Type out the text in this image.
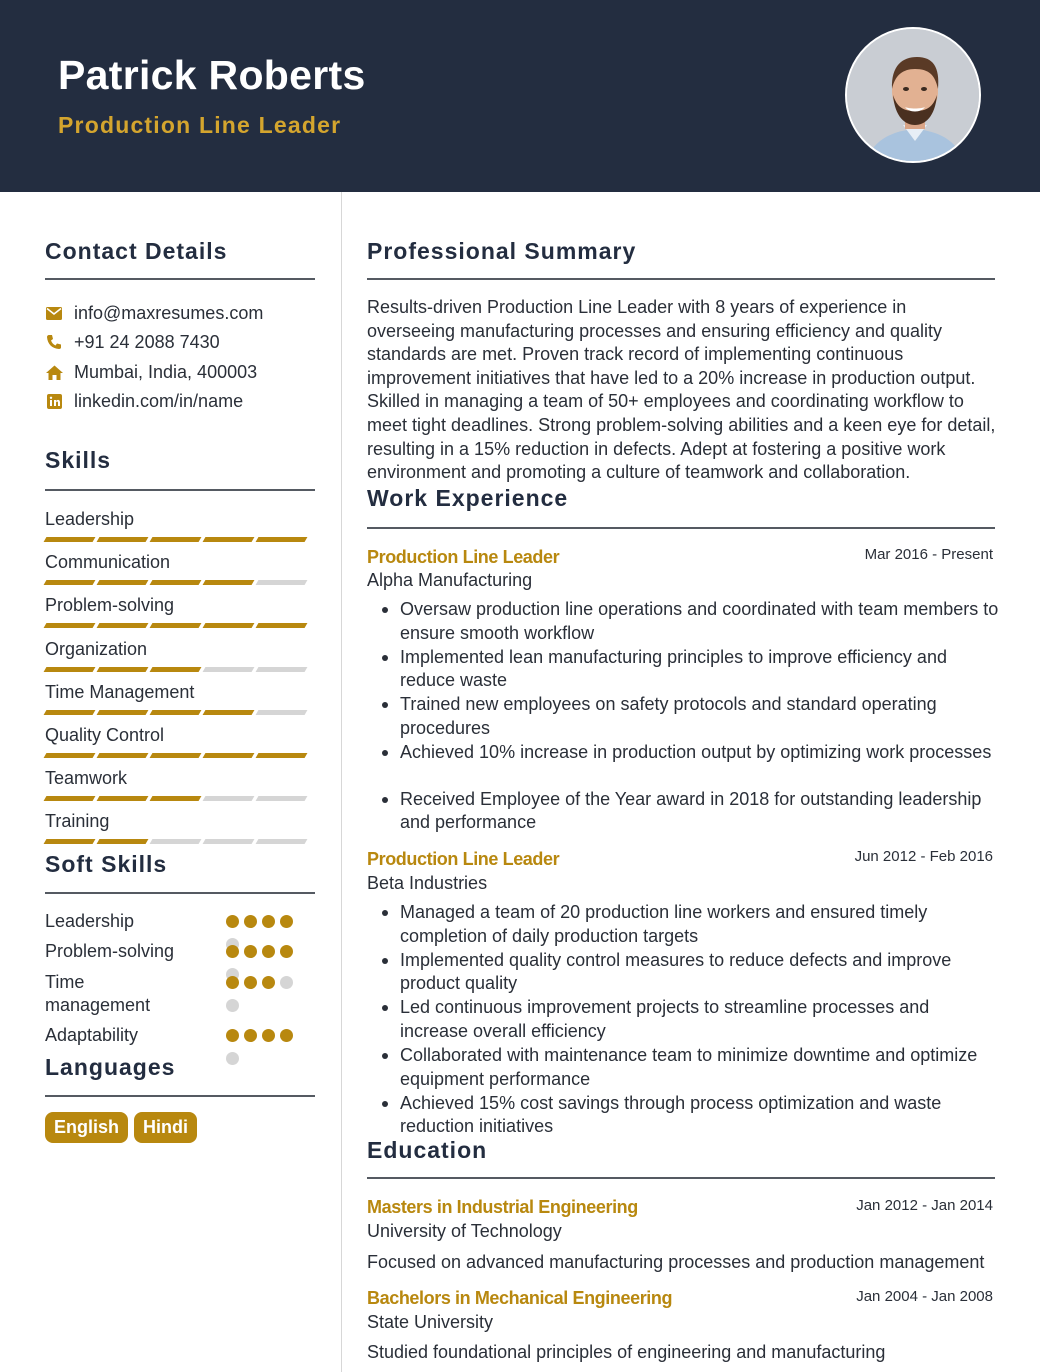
Patrick Roberts
Production Line Leader
Contact Details
info@maxresumes.com
+91 24 2088 7430
Mumbai, India, 400003
linkedin.com/in/name
Skills
Leadership
Communication
Problem-solving
Organization
Time Management
Quality Control
Teamwork
Training
Soft Skills
Leadership
Problem-solving
Time management
Adaptability
Languages
English	Hindi
Professional Summary
Results-driven Production Line Leader with 8 years of experience in overseeing manufacturing processes and ensuring efficiency and quality standards are met. Proven track record of implementing continuous improvement initiatives that have led to a 20% increase in production output. Skilled in managing a team of 50+ employees and coordinating workflow to meet tight deadlines. Strong problem-solving abilities and a keen eye for detail, resulting in a 15% reduction in defects. Adept at fostering a positive work environment and promoting a culture of teamwork and collaboration.
Work Experience
Production Line Leader	Mar 2016 - Present
Alpha Manufacturing
Oversaw production line operations and coordinated with team members to ensure smooth workflow
Implemented lean manufacturing principles to improve efficiency and reduce waste
Trained new employees on safety protocols and standard operating procedures
Achieved 10% increase in production output by optimizing work processes
Received Employee of the Year award in 2018 for outstanding leadership and performance
Production Line Leader	Jun 2012 - Feb 2016
Beta Industries
Managed a team of 20 production line workers and ensured timely completion of daily production targets
Implemented quality control measures to reduce defects and improve product quality
Led continuous improvement projects to streamline processes and increase overall efficiency
Collaborated with maintenance team to minimize downtime and optimize equipment performance
Achieved 15% cost savings through process optimization and waste reduction initiatives
Education
Masters in Industrial Engineering	Jan 2012 - Jan 2014
University of Technology
Focused on advanced manufacturing processes and production management
Bachelors in Mechanical Engineering	Jan 2004 - Jan 2008
State University
Studied foundational principles of engineering and manufacturing
